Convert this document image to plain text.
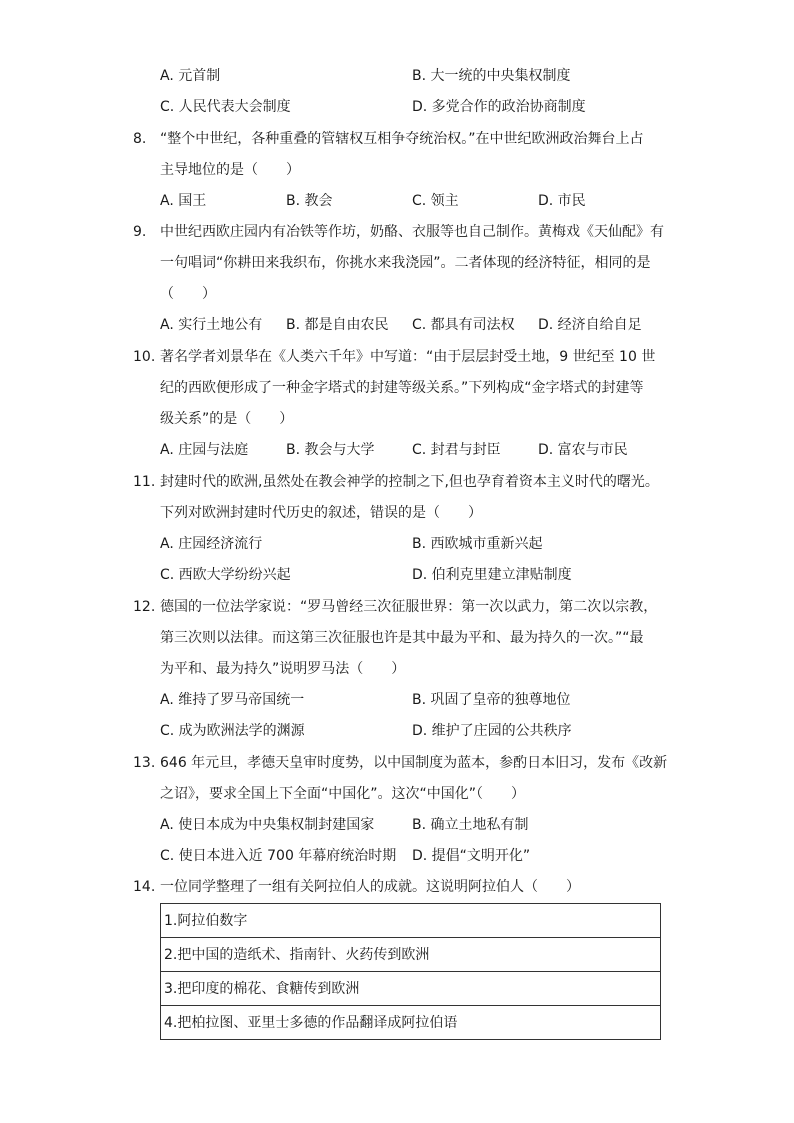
A. 元首制	B. 大一统的中央集权制度
C. 人民代表大会制度	D. 多党合作的政治协商制度
8. “整个中世纪，各种重叠的管辖权互相争夺统治权。”在中世纪欧洲政治舞台上占
主导地位的是（　　）
A. 国王	B. 教会	C. 领主	D. 市民
9. 中世纪西欧庄园内有冶铁等作坊，奶酪、衣服等也自己制作。黄梅戏《天仙配》有
一句唱词“你耕田来我织布，你挑水来我浇园”。二者体现的经济特征，相同的是
（　　）
A. 实行土地公有 B. 都是自由农民 C. 都具有司法权 D. 经济自给自足
10. 著名学者刘景华在《人类六千年》中写道：“由于层层封受土地，9 世纪至 10 世
纪的西欧便形成了一种金字塔式的封建等级关系。”下列构成“金字塔式的封建等
级关系”的是（　　）
A. 庄园与法庭	B. 教会与大学	C. 封君与封臣	D. 富农与市民
11. 封建时代的欧洲,虽然处在教会神学的控制之下,但也孕育着资本主义时代的曙光。
下列对欧洲封建时代历史的叙述，错误的是（　　）
A. 庄园经济流行	B. 西欧城市重新兴起
C. 西欧大学纷纷兴起	D. 伯利克里建立津贴制度
12. 德国的一位法学家说：“罗马曾经三次征服世界：第一次以武力，第二次以宗教，
第三次则以法律。而这第三次征服也许是其中最为平和、最为持久的一次。”“最
为平和、最为持久”说明罗马法（　　）
A. 维持了罗马帝国统一	B. 巩固了皇帝的独尊地位
C. 成为欧洲法学的渊源	D. 维护了庄园的公共秩序
13. 646 年元旦，孝德天皇审时度势，以中国制度为蓝本，参酌日本旧习，发布《改新
之诏》，要求全国上下全面“中国化”。这次“中国化”（　　）
A. 使日本成为中央集权制封建国家	B. 确立土地私有制
C. 使日本进入近 700 年幕府统治时期 D. 提倡“文明开化”
14. 一位同学整理了一组有关阿拉伯人的成就。这说明阿拉伯人（　　）
1.阿拉伯数字
2.把中国的造纸术、指南针、火药传到欧洲
3.把印度的棉花、食糖传到欧洲
4.把柏拉图、亚里士多德的作品翻译成阿拉伯语
